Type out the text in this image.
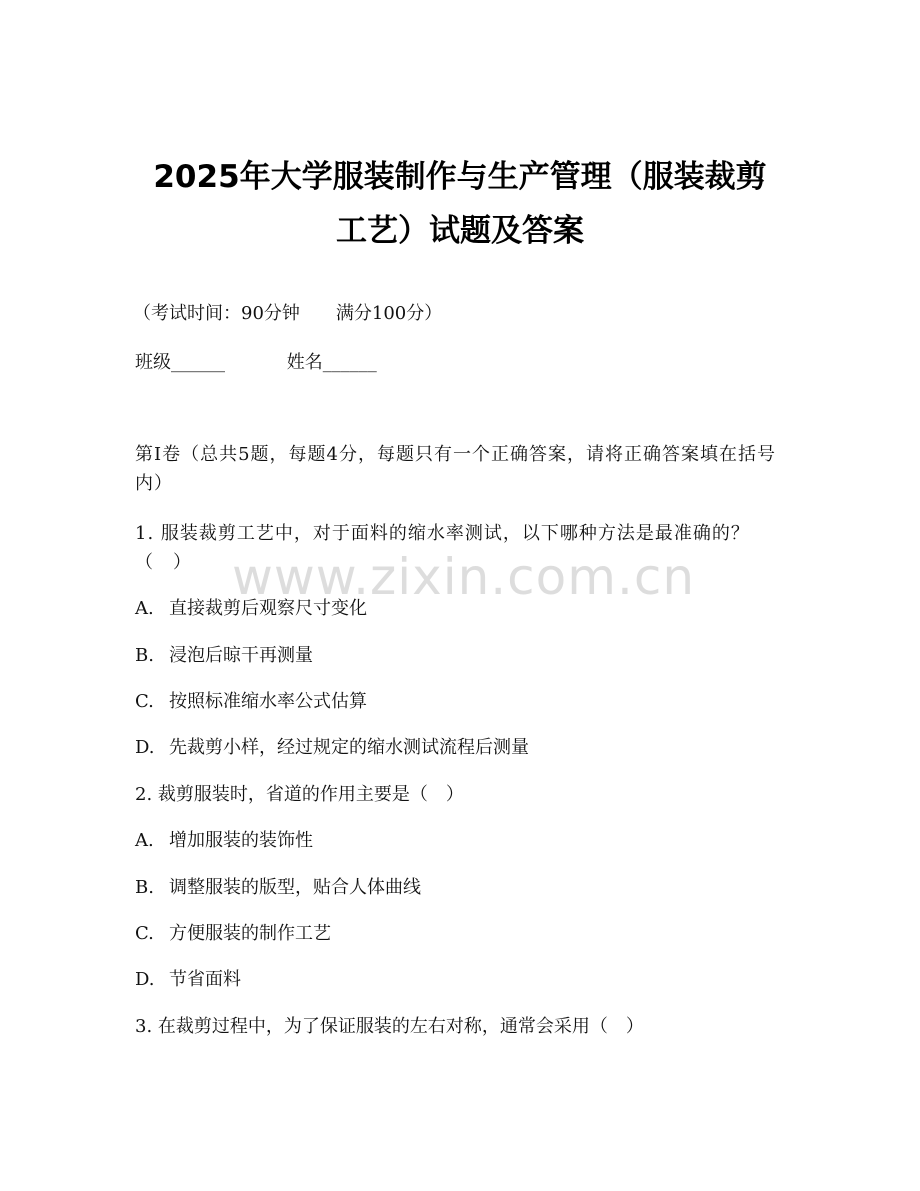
2025年大学服装制作与生产管理（服装裁剪
工艺）试题及答案
（考试时间：90分钟　　满分100分）
班级______	姓名______
第I卷（总共5题，每题4分，每题只有一个正确答案，请将正确答案填在括号内）
1. 服装裁剪工艺中，对于面料的缩水率测试，以下哪种方法是最准确的？（　）
A. 直接裁剪后观察尺寸变化
B. 浸泡后晾干再测量
C. 按照标准缩水率公式估算
D. 先裁剪小样，经过规定的缩水测试流程后测量
2. 裁剪服装时，省道的作用主要是（　）
A. 增加服装的装饰性
B. 调整服装的版型，贴合人体曲线
C. 方便服装的制作工艺
D. 节省面料
3. 在裁剪过程中，为了保证服装的左右对称，通常会采用（　）
www.zixin.com.cn
